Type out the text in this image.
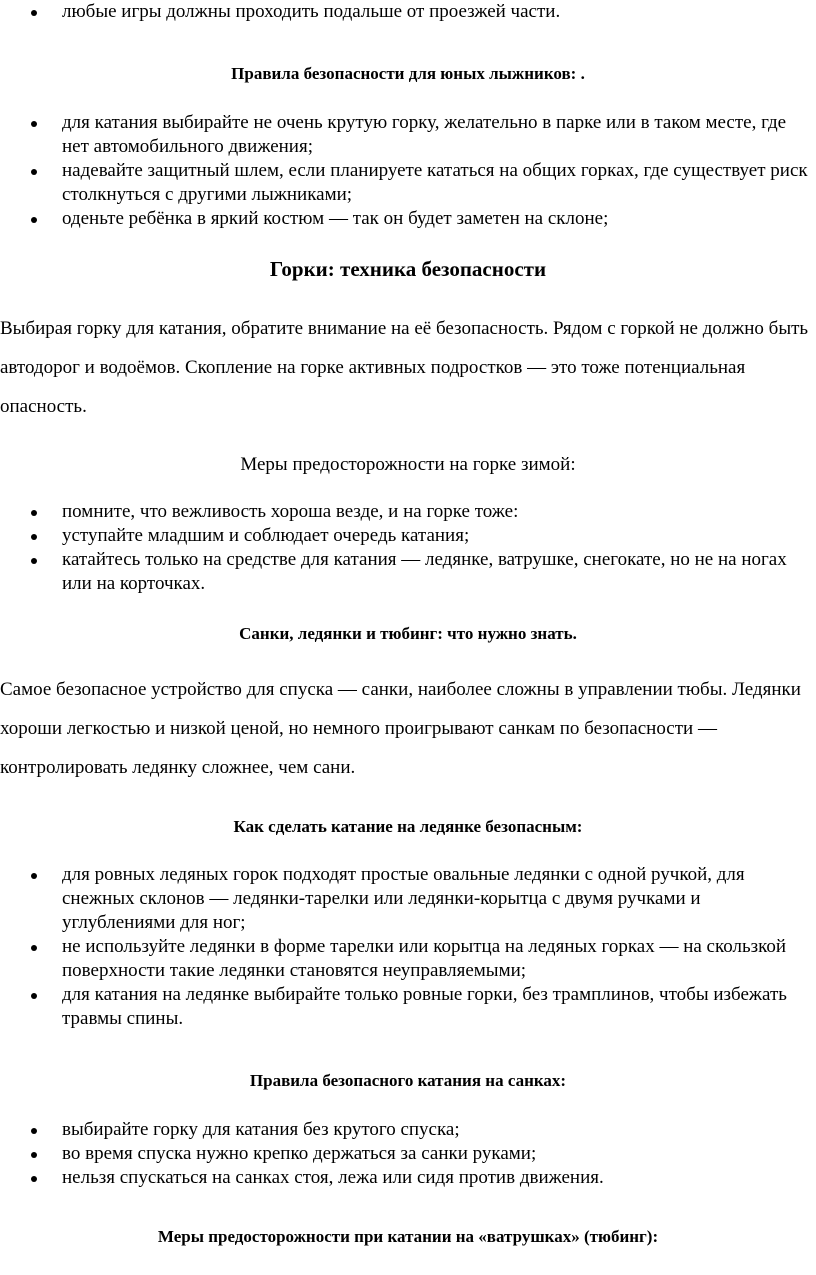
любые игры должны проходить подальше от проезжей части.
Правила безопасности для юных лыжников: .
для катания выбирайте не очень крутую горку, желательно в парке или в таком месте, где нет автомобильного движения;
надевайте защитный шлем, если планируете кататься на общих горках, где существует риск столкнуться с другими лыжниками;
оденьте ребёнка в яркий костюм — так он будет заметен на склоне;
Горки: техника безопасности

Выбирая горку для катания, обратите внимание на её безопасность. Рядом с горкой не должно быть автодорог и водоёмов. Скопление на горке активных подростков — это тоже потенциальная опасность.

Меры предосторожности на горке зимой:
помните, что вежливость хороша везде, и на горке тоже:
уступайте младшим и соблюдает очередь катания;
катайтесь только на средстве для катания — ледянке, ватрушке, снегокате, но не на ногах или на корточках.
Санки, ледянки и тюбинг: что нужно знать.

Самое безопасное устройство для спуска — санки, наиболее сложны в управлении тюбы. Ледянки хороши легкостью и низкой ценой, но немного проигрывают санкам по безопасности — контролировать ледянку сложнее, чем сани.

Как сделать катание на ледянке безопасным:
для ровных ледяных горок подходят простые овальные ледянки с одной ручкой, для снежных склонов — ледянки-тарелки или ледянки-корытца с двумя ручками и углублениями для ног;
не используйте ледянки в форме тарелки или корытца на ледяных горках — на скользкой поверхности такие ледянки становятся неуправляемыми;
для катания на ледянке выбирайте только ровные горки, без трамплинов, чтобы избежать травмы спины.
Правила безопасного катания на санках:
выбирайте горку для катания без крутого спуска;
во время спуска нужно крепко держаться за санки руками;
нельзя спускаться на санках стоя, лежа или сидя против движения.
Меры предосторожности при катании на «ватрушках» (тюбинг):
